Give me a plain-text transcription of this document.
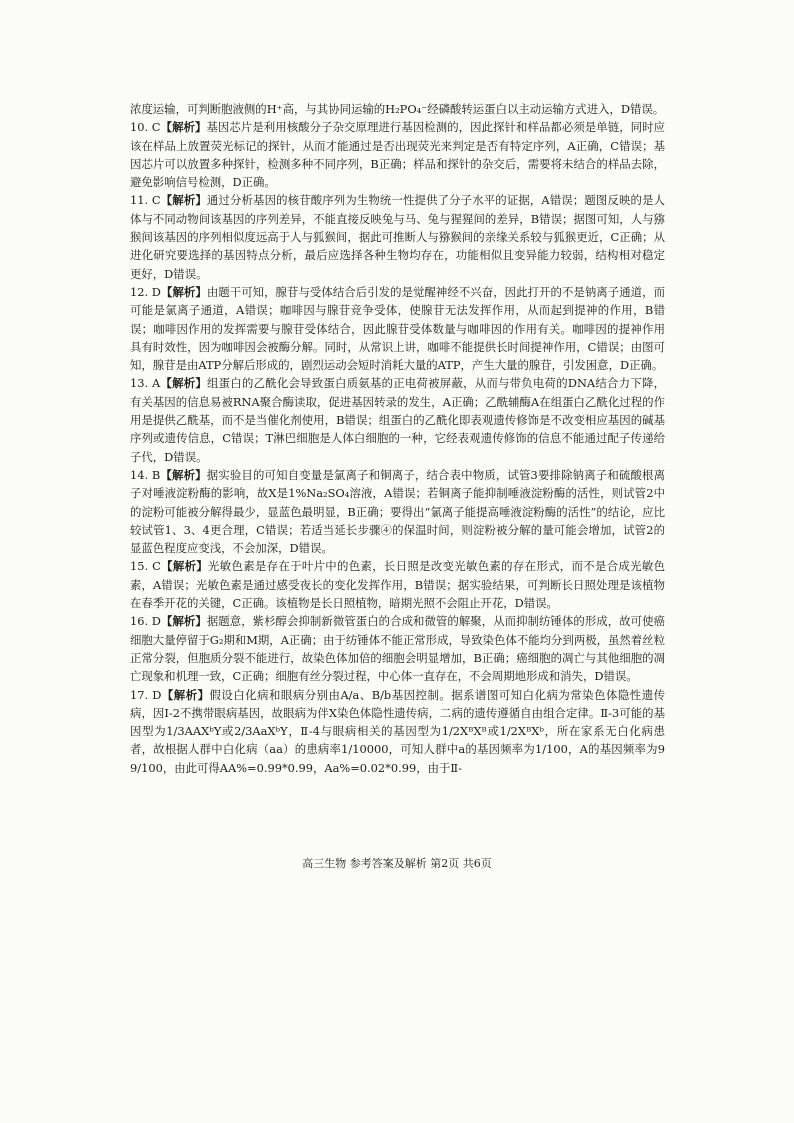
浓度运输，可判断胞液侧的H⁺高，与其协同运输的H₂PO₄⁻经磷酸转运蛋白以主动运输方式进入，D错误。

10. C【解析】基因芯片是利用核酸分子杂交原理进行基因检测的，因此探针和样品都必须是单链，同时应该在样品上放置荧光标记的探针，从而才能通过是否出现荧光来判定是否有特定序列，A正确，C错误；基因芯片可以放置多种探针，检测多种不同序列，B正确；样品和探针的杂交后，需要将未结合的样品去除，避免影响信号检测，D正确。

11. C【解析】通过分析基因的核苷酸序列为生物统一性提供了分子水平的证据，A错误；题图反映的是人体与不同动物间该基因的序列差异，不能直接反映兔与马、兔与猩猩间的差异，B错误；据图可知，人与猕猴间该基因的序列相似度远高于人与狐猴间，据此可推断人与猕猴间的亲缘关系较与狐猴更近，C正确；从进化研究要选择的基因特点分析，最后应选择各种生物均存在，功能相似且变异能力较弱，结构相对稳定更好，D错误。

12. D【解析】由题干可知，腺苷与受体结合后引发的是觉醒神经不兴奋，因此打开的不是钠离子通道，而可能是氯离子通道，A错误；咖啡因与腺苷竞争受体，使腺苷无法发挥作用，从而起到提神的作用，B错误；咖啡因作用的发挥需要与腺苷受体结合，因此腺苷受体数量与咖啡因的作用有关。咖啡因的提神作用具有时效性，因为咖啡因会被酶分解。同时，从常识上讲，咖啡不能提供长时间提神作用，C错误；由图可知，腺苷是由ATP分解后形成的，剧烈运动会短时消耗大量的ATP，产生大量的腺苷，引发困意，D正确。

13. A【解析】组蛋白的乙酰化会导致蛋白质氨基的正电荷被屏蔽，从而与带负电荷的DNA结合力下降，有关基因的信息易被RNA聚合酶读取，促进基因转录的发生，A正确；乙酰辅酶A在组蛋白乙酰化过程的作用是提供乙酰基，而不是当催化剂使用，B错误；组蛋白的乙酰化即表观遗传修饰是不改变相应基因的碱基序列或遗传信息，C错误；T淋巴细胞是人体白细胞的一种，它经表观遗传修饰的信息不能通过配子传递给子代，D错误。

14. B【解析】据实验目的可知自变量是氯离子和铜离子，结合表中物质，试管3要排除钠离子和硫酸根离子对唾液淀粉酶的影响，故X是1%Na₂SO₄溶液，A错误；若铜离子能抑制唾液淀粉酶的活性，则试管2中的淀粉可能被分解得最少，显蓝色最明显，B正确；要得出“氯离子能提高唾液淀粉酶的活性”的结论，应比较试管1、3、4更合理，C错误；若适当延长步骤④的保温时间，则淀粉被分解的量可能会增加，试管2的显蓝色程度应变浅，不会加深，D错误。

15. C【解析】光敏色素是存在于叶片中的色素，长日照是改变光敏色素的存在形式，而不是合成光敏色素，A错误；光敏色素是通过感受夜长的变化发挥作用，B错误；据实验结果，可判断长日照处理是该植物在春季开花的关键，C正确。该植物是长日照植物，暗期光照不会阻止开花，D错误。

16. D【解析】据题意，紫杉醇会抑制新微管蛋白的合成和微管的解聚，从而抑制纺锤体的形成，故可使癌细胞大量停留于G₂期和M期，A正确；由于纺锤体不能正常形成，导致染色体不能均分到两极，虽然着丝粒正常分裂，但胞质分裂不能进行，故染色体加倍的细胞会明显增加，B正确；癌细胞的凋亡与其他细胞的凋亡现象和机理一致，C正确；细胞有丝分裂过程，中心体一直存在，不会周期地形成和消失，D错误。

17. D【解析】假设白化病和眼病分别由A/a、B/b基因控制。据系谱图可知白化病为常染色体隐性遗传病，因Ⅰ-2不携带眼病基因，故眼病为伴X染色体隐性遗传病，二病的遗传遵循自由组合定律。Ⅱ-3可能的基因型为1/3AAXᵇY或2/3AaXᵇY，Ⅱ-4与眼病相关的基因型为1/2XᴮXᴮ或1/2XᴮXᵇ，所在家系无白化病患者，故根据人群中白化病（aa）的患病率1/10000，可知人群中a的基因频率为1/100，A的基因频率为99/100，由此可得AA%=0.99*0.99，Aa%=0.02*0.99，由于Ⅱ-

高三生物 参考答案及解析 第2页 共6页
